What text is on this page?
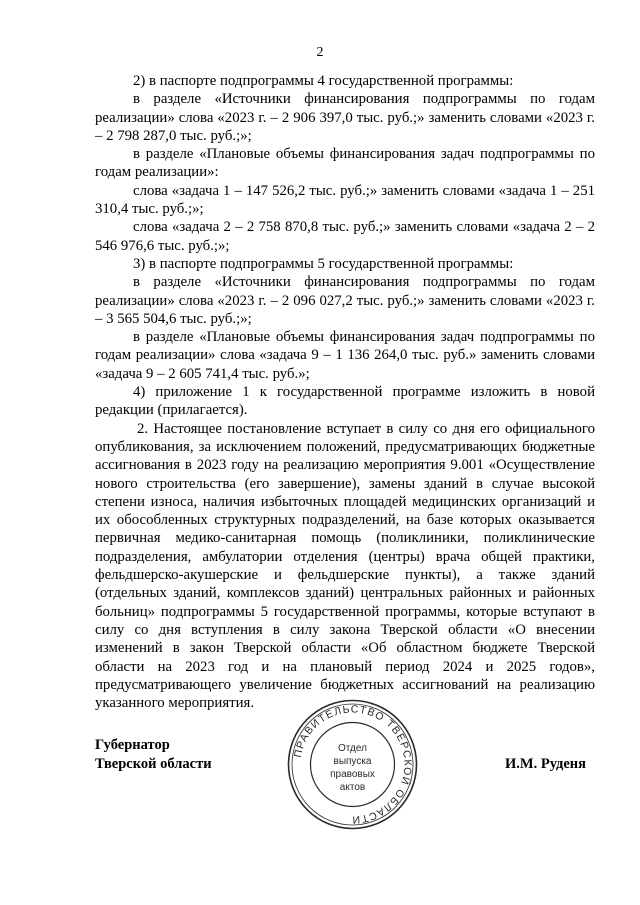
2

2) в паспорте подпрограммы 4 государственной программы:

в разделе «Источники финансирования подпрограммы по годам реализации» слова «2023 г. – 2 906 397,0 тыс. руб.;» заменить словами «2023 г. – 2 798 287,0 тыс. руб.;»;

в разделе «Плановые объемы финансирования задач подпрограммы по годам реализации»:

слова «задача 1 – 147 526,2 тыс. руб.;» заменить словами «задача 1 – 251 310,4 тыс. руб.;»;

слова «задача 2 – 2 758 870,8 тыс. руб.;» заменить словами «задача 2 – 2 546 976,6 тыс. руб.;»;

3) в паспорте подпрограммы 5 государственной программы:

в разделе «Источники финансирования подпрограммы по годам реализации» слова «2023 г. – 2 096 027,2 тыс. руб.;» заменить словами «2023 г. – 3 565 504,6 тыс. руб.;»;

в разделе «Плановые объемы финансирования задач подпрограммы по годам реализации» слова «задача 9 – 1 136 264,0 тыс. руб.» заменить словами «задача 9 – 2 605 741,4 тыс. руб.»;

4) приложение 1 к государственной программе изложить в новой редакции (прилагается).

2. Настоящее постановление вступает в силу со дня его официального опубликования, за исключением положений, предусматривающих бюджетные ассигнования в 2023 году на реализацию мероприятия 9.001 «Осуществление нового строительства (его завершение), замены зданий в случае высокой степени износа, наличия избыточных площадей медицинских организаций и их обособленных структурных подразделений, на базе которых оказывается первичная медико-санитарная помощь (поликлиники, поликлинические подразделения, амбулатории отделения (центры) врача общей практики, фельдшерско-акушерские и фельдшерские пункты), а также зданий (отдельных зданий, комплексов зданий) центральных районных и районных больниц» подпрограммы 5 государственной программы, которые вступают в силу со дня вступления в силу закона Тверской области «О внесении изменений в закон Тверской области «Об областном бюджете Тверской области на 2023 год и на плановый период 2024 и 2025 годов», предусматривающего увеличение бюджетных ассигнований на реализацию указанного мероприятия.

Губернатор
Тверской области
ПРАВИТЕЛЬСТВО ТВЕРСКОЙ ОБЛАСТИ
Отдел
выпуска
правовых
актов
И.М. Руденя
